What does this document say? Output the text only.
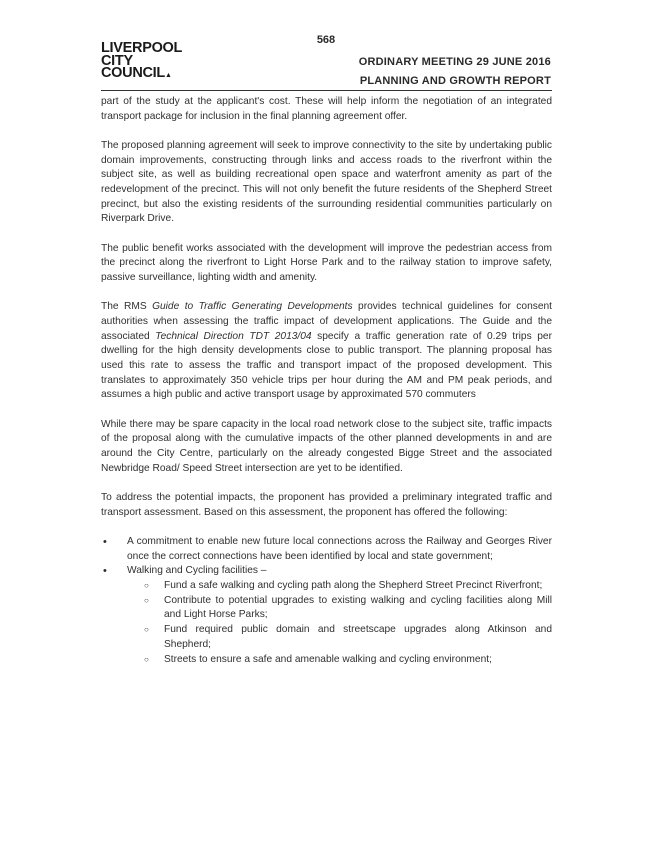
568
LIVERPOOL
CITY
COUNCIL▲
ORDINARY MEETING 29 JUNE 2016
PLANNING AND GROWTH REPORT

part of the study at the applicant's cost. These will help inform the negotiation of an integrated transport package for inclusion in the final planning agreement offer.

The proposed planning agreement will seek to improve connectivity to the site by undertaking public domain improvements, constructing through links and access roads to the riverfront within the subject site, as well as building recreational open space and waterfront amenity as part of the redevelopment of the precinct. This will not only benefit the future residents of the Shepherd Street precinct, but also the existing residents of the surrounding residential communities particularly on Riverpark Drive.

The public benefit works associated with the development will improve the pedestrian access from the precinct along the riverfront to Light Horse Park and to the railway station to improve safety, passive surveillance, lighting width and amenity.

The RMS Guide to Traffic Generating Developments provides technical guidelines for consent authorities when assessing the traffic impact of development applications. The Guide and the associated Technical Direction TDT 2013/04 specify a traffic generation rate of 0.29 trips per dwelling for the high density developments close to public transport. The planning proposal has used this rate to assess the traffic and transport impact of the proposed development. This translates to approximately 350 vehicle trips per hour during the AM and PM peak periods, and assumes a high public and active transport usage by approximated 570 commuters

While there may be spare capacity in the local road network close to the subject site, traffic impacts of the proposal along with the cumulative impacts of the other planned developments in and are around the City Centre, particularly on the already congested Bigge Street and the associated Newbridge Road/ Speed Street intersection are yet to be identified.

To address the potential impacts, the proponent has provided a preliminary integrated traffic and transport assessment. Based on this assessment, the proponent has offered the following:

• A commitment to enable new future local connections across the Railway and Georges River once the correct connections have been identified by local and state government;
• Walking and Cycling facilities –
○ Fund a safe walking and cycling path along the Shepherd Street Precinct Riverfront;
○ Contribute to potential upgrades to existing walking and cycling facilities along Mill and Light Horse Parks;
○ Fund required public domain and streetscape upgrades along Atkinson and Shepherd;
○ Streets to ensure a safe and amenable walking and cycling environment;
